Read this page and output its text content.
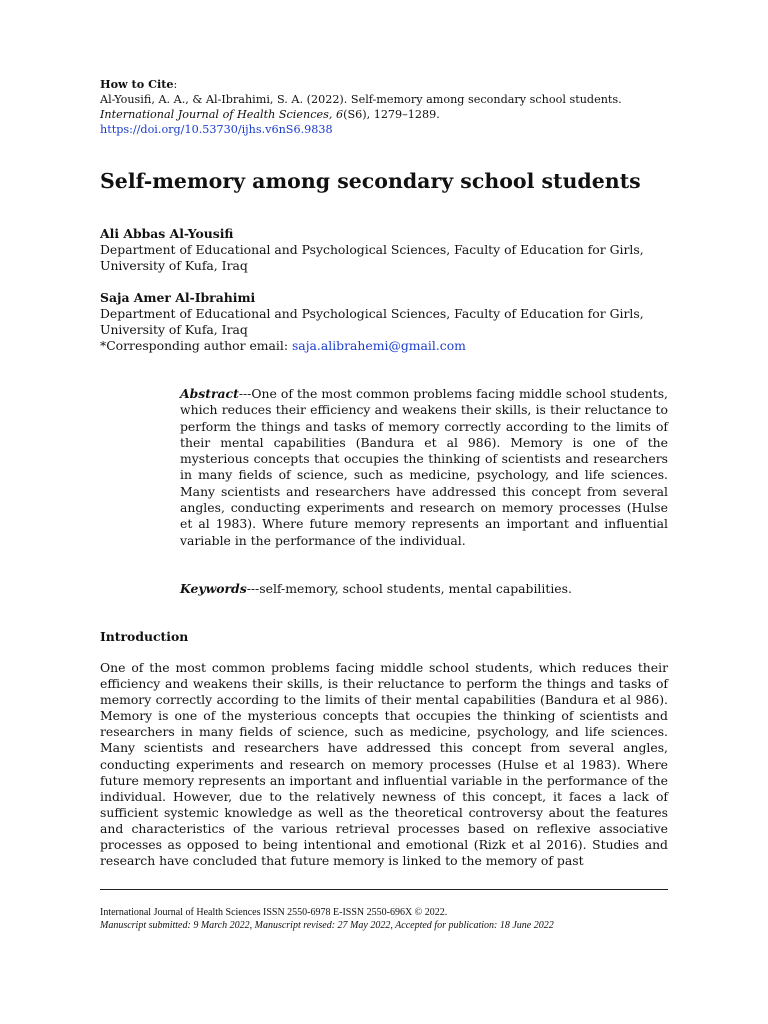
How to Cite:
Al-Yousifi, A. A., & Al-Ibrahimi, S. A. (2022). Self-memory among secondary school students. International Journal of Health Sciences, 6(S6), 1279–1289.
https://doi.org/10.53730/ijhs.v6nS6.9838
Self-memory among secondary school students
Ali Abbas Al-Yousifi
Department of Educational and Psychological Sciences, Faculty of Education for Girls, University of Kufa, Iraq
Saja Amer Al-Ibrahimi
Department of Educational and Psychological Sciences, Faculty of Education for Girls, University of Kufa, Iraq
*Corresponding author email: saja.alibrahemi@gmail.com
Abstract---One of the most common problems facing middle school students, which reduces their efficiency and weakens their skills, is their reluctance to perform the things and tasks of memory correctly according to the limits of their mental capabilities (Bandura et al 986). Memory is one of the mysterious concepts that occupies the thinking of scientists and researchers in many fields of science, such as medicine, psychology, and life sciences. Many scientists and researchers have addressed this concept from several angles, conducting experiments and research on memory processes (Hulse et al 1983). Where future memory represents an important and influential variable in the performance of the individual.
Keywords---self-memory, school students, mental capabilities.
Introduction
One of the most common problems facing middle school students, which reduces their efficiency and weakens their skills, is their reluctance to perform the things and tasks of memory correctly according to the limits of their mental capabilities (Bandura et al 986). Memory is one of the mysterious concepts that occupies the thinking of scientists and researchers in many fields of science, such as medicine, psychology, and life sciences. Many scientists and researchers have addressed this concept from several angles, conducting experiments and research on memory processes (Hulse et al 1983). Where future memory represents an important and influential variable in the performance of the individual. However, due to the relatively newness of this concept, it faces a lack of sufficient systemic knowledge as well as the theoretical controversy about the features and characteristics of the various retrieval processes based on reflexive associative processes as opposed to being intentional and emotional (Rizk et al 2016). Studies and research have concluded that future memory is linked to the memory of past
International Journal of Health Sciences ISSN 2550-6978 E-ISSN 2550-696X © 2022.
Manuscript submitted: 9 March 2022, Manuscript revised: 27 May 2022, Accepted for publication: 18 June 2022
